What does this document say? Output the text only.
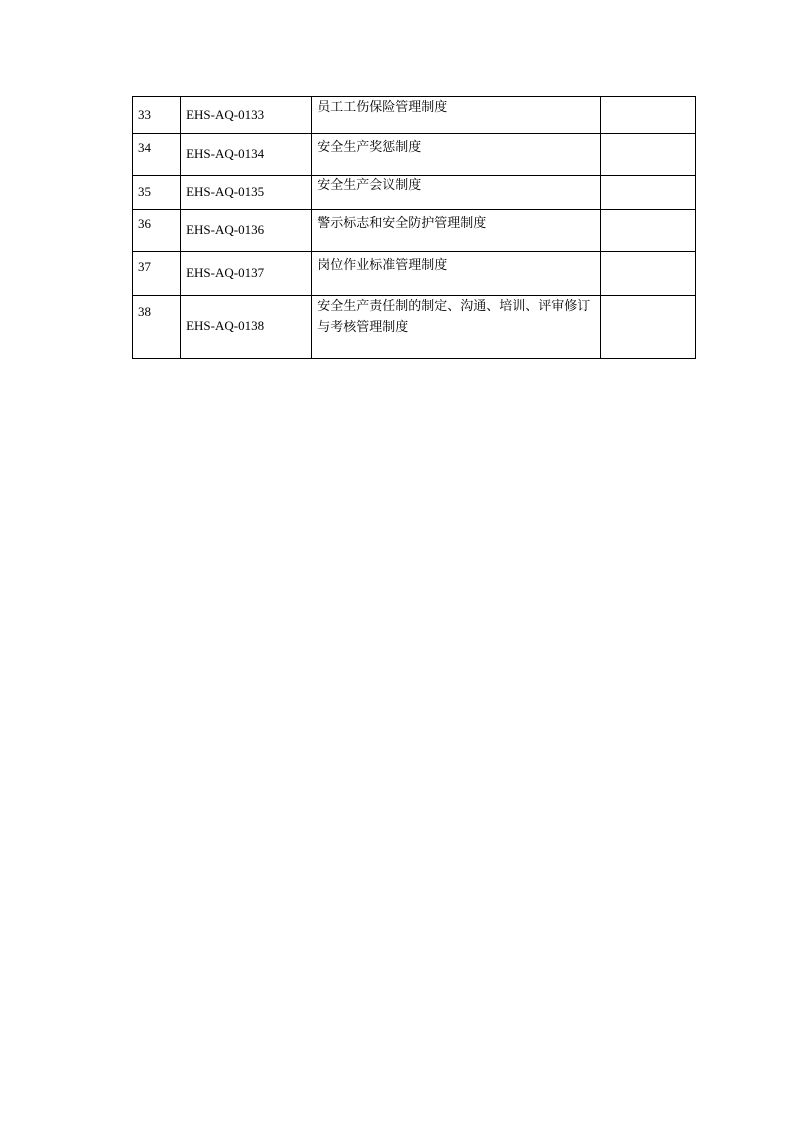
33	EHS-AQ-0133	员工工伤保险管理制度	
34	EHS-AQ-0134	安全生产奖惩制度	
35	EHS-AQ-0135	安全生产会议制度	
36	EHS-AQ-0136	警示标志和安全防护管理制度	
37	EHS-AQ-0137	岗位作业标准管理制度	
38	EHS-AQ-0138	安全生产责任制的制定、沟通、培训、评审修订与考核管理制度	
